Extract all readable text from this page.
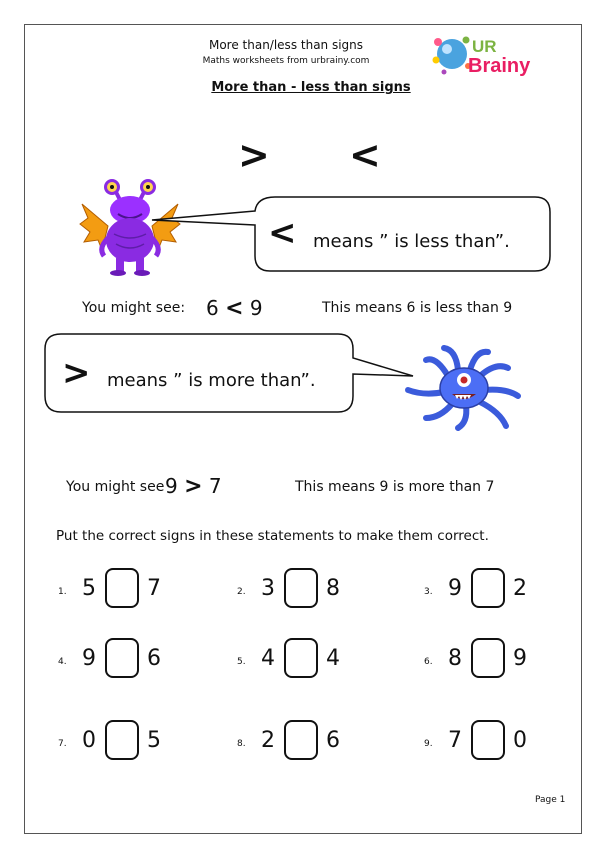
More than/less than signs
Maths worksheets from urbrainy.com
UR
Brainy
More than - less than signs
> <
< means ” is less than”.
You might see: 6 < 9	This means 6 is less than 9
> means ” is more than”.
You might see 9 > 7	This means 9 is more than 7
Put the correct signs in these statements to make them correct.
1. 5 7	2. 3 8	3. 9 2
4. 9 6	5. 4 4	6. 8 9
7. 0 5	8. 2 6	9. 7 0
Page 1
